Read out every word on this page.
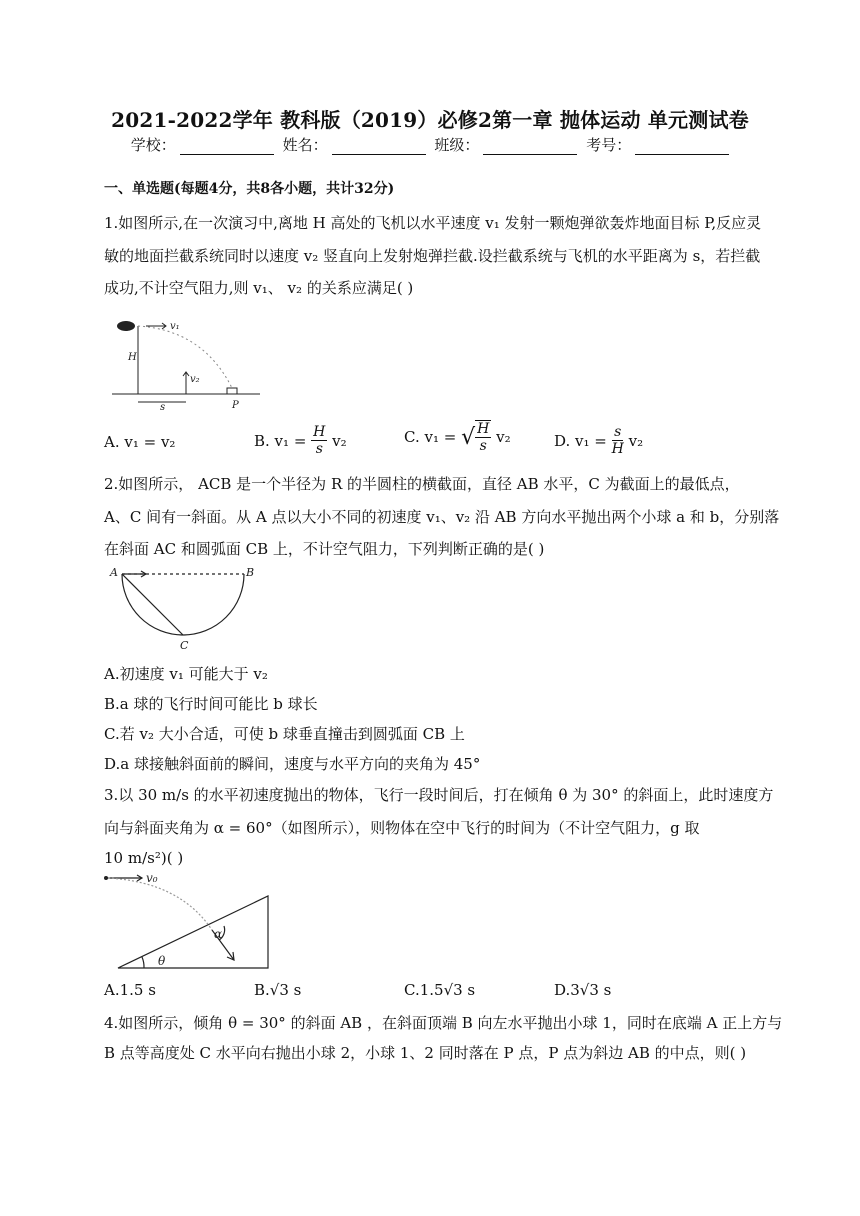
2021-2022学年 教科版（2019）必修2第一章 抛体运动 单元测试卷
学校：	姓名：	班级：	考号：
一、单选题(每题4分，共8各小题，共计32分)
1.如图所示,在一次演习中,离地 H 高处的飞机以水平速度 v₁ 发射一颗炮弹欲轰炸地面目标 P,反应灵
敏的地面拦截系统同时以速度 v₂ 竖直向上发射炮弹拦截.设拦截系统与飞机的水平距离为 s，若拦截
成功,不计空气阻力,则 v₁、 v₂ 的关系应满足( )
v₁
H
v₂
s	P
A. v₁ = v₂	B. $v_1 = \frac{H}{s} v_2$	C. v₁ = √ $\frac{H}{s} v_2$	D. $v_1 = \frac{s}{H} v_2$
2.如图所示， ACB 是一个半径为 R 的半圆柱的横截面，直径 AB 水平，C 为截面上的最低点，
A、C 间有一斜面。从 A 点以大小不同的初速度 v₁、v₂ 沿 AB 方向水平抛出两个小球 a 和 b，分别落
在斜面 AC 和圆弧面 CB 上，不计空气阻力，下列判断正确的是( )
A	B
C
A.初速度 v₁ 可能大于 v₂
B.a 球的飞行时间可能比 b 球长
C.若 v₂ 大小合适，可使 b 球垂直撞击到圆弧面 CB 上
D.a 球接触斜面前的瞬间，速度与水平方向的夹角为 45°
3.以 30 m/s 的水平初速度抛出的物体，飞行一段时间后，打在倾角 θ 为 30° 的斜面上，此时速度方
向与斜面夹角为 α = 60°（如图所示），则物体在空中飞行的时间为（不计空气阻力，g 取
10 m/s²)( )
v₀
α
θ
A.1.5 s	B.√3 s	C.1.5√3 s	D.3√3 s
4.如图所示，倾角 θ = 30° 的斜面 AB ，在斜面顶端 B 向左水平抛出小球 1，同时在底端 A 正上方与
B 点等高度处 C 水平向右抛出小球 2，小球 1、2 同时落在 P 点，P 点为斜边 AB 的中点，则( )
